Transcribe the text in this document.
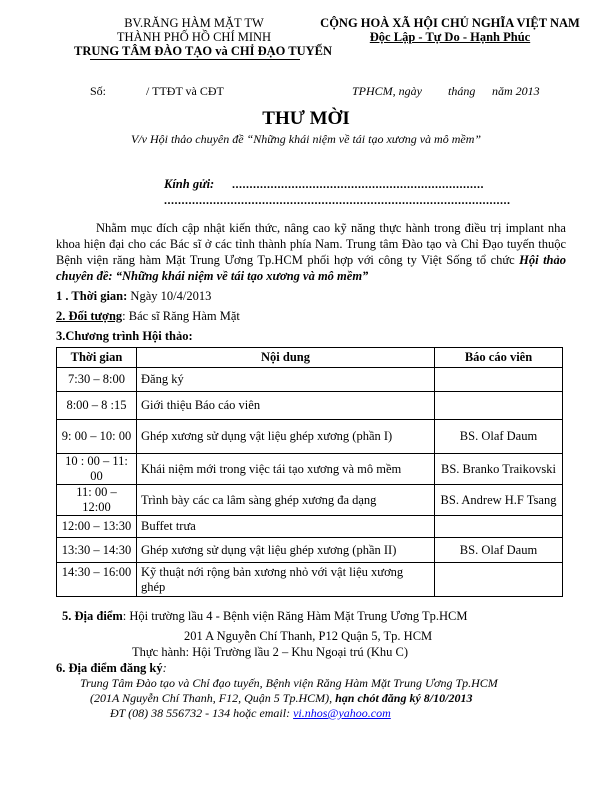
BV.RĂNG HÀM MẶT TW
THÀNH PHỐ HỒ CHÍ MINH
TRUNG TÂM ĐÀO TẠO và CHỈ ĐẠO TUYẾN
CỘNG HOÀ XÃ HỘI CHỦ NGHĨA VIỆT NAM
Độc Lập - Tự Do - Hạnh Phúc
Số:	/ TTĐT và CĐT	TPHCM, ngày tháng năm 2013
THƯ MỜI
V/v Hội thảo chuyên đề “Những khái niệm về tái tạo xương và mô mềm”
Kính gửi: ........................................................................
...................................................................................................
Nhằm mục đích cập nhật kiến thức, nâng cao kỹ năng thực hành trong điều trị implant nha khoa hiện đại cho các Bác sĩ ở các tỉnh thành phía Nam. Trung tâm Đào tạo và Chỉ Đạo tuyến thuộc Bệnh viện răng hàm Mặt Trung Ương Tp.HCM phối hợp với công ty Việt Sống tổ chức Hội thảo chuyên đề: “Những khái niệm về tái tạo xương và mô mềm”
1 . Thời gian: Ngày 10/4/2013
2. Đối tượng: Bác sĩ Răng Hàm Mặt
3.Chương trình Hội thảo:
Thời gian	Nội dung	Báo cáo viên
7:30 – 8:00	Đăng ký	
8:00 – 8 :15	Giới thiệu Báo cáo viên	
9: 00 – 10: 00	Ghép xương sử dụng vật liệu ghép xương (phần I)	BS. Olaf Daum
10 : 00 – 11: 00	Khái niệm mới trong việc tái tạo xương và mô mềm	BS. Branko Traikovski
11: 00 – 12:00	Trình bày các ca lâm sàng ghép xương đa dạng	BS. Andrew H.F Tsang
12:00 – 13:30	Buffet trưa	
13:30 – 14:30	Ghép xương sử dụng vật liệu ghép xương (phần II)	BS. Olaf Daum
14:30 – 16:00	Kỹ thuật nới rộng bản xương nhỏ với vật liệu xương ghép	
5. Địa điểm: Hội trường lầu 4 - Bệnh viện Răng Hàm Mặt Trung Ương Tp.HCM
201 A Nguyễn Chí Thanh, P12 Quận 5, Tp. HCM
Thực hành: Hội Trường lầu 2 – Khu Ngoại trú (Khu C)
6. Địa điểm đăng ký:
Trung Tâm Đào tạo và Chỉ đạo tuyến, Bệnh viện Răng Hàm Mặt Trung Ương Tp.HCM
(201A Nguyễn Chí Thanh, F12, Quận 5 Tp.HCM), hạn chót đăng ký 8/10/2013
ĐT (08) 38 556732 - 134 hoặc email: vi.nhos@yahoo.com
